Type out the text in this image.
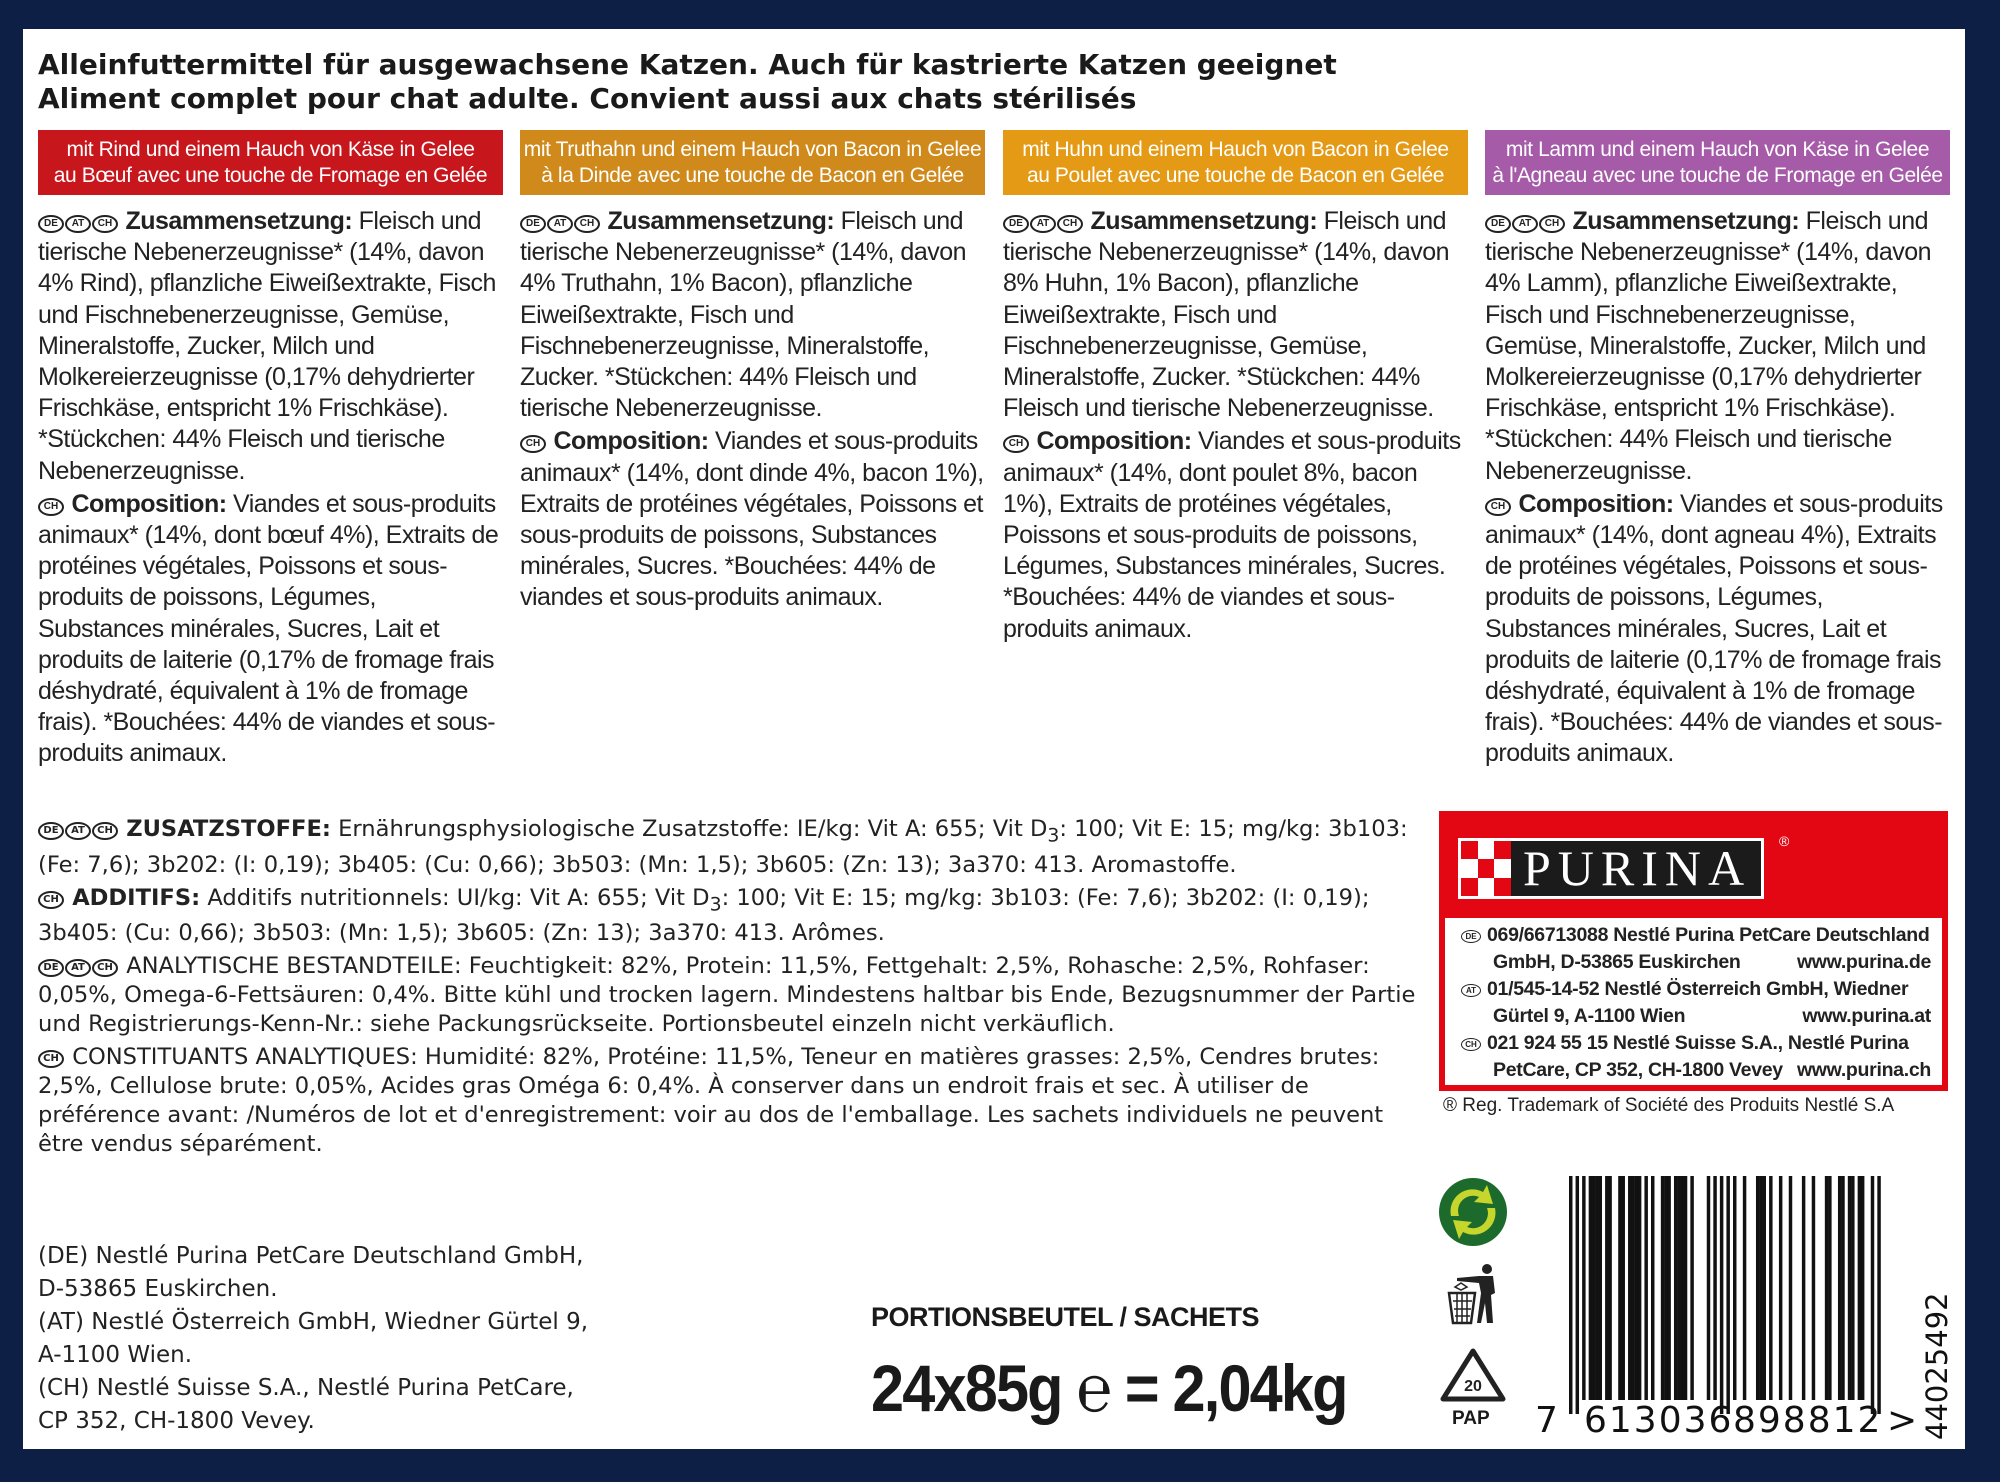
Alleinfuttermittel für ausgewachsene Katzen. Auch für kastrierte Katzen geeignet
Aliment complet pour chat adulte. Convient aussi aux chats stérilisés
mit Rind und einem Hauch von Käse in Gelee
au Bœuf avec une touche de Fromage en Gelée

DE AT CH Zusammensetzung: Fleisch und tierische Nebenerzeugnisse* (14%, davon 4% Rind), pflanzliche Eiweißextrakte, Fisch und Fischnebenerzeugnisse, Gemüse, Mineralstoffe, Zucker, Milch und Molkereierzeugnisse (0,17% dehydrierter Frischkäse, entspricht 1% Frischkäse). *Stückchen: 44% Fleisch und tierische Nebenerzeugnisse.

CH Composition: Viandes et sous-produits animaux* (14%, dont bœuf 4%), Extraits de protéines végétales, Poissons et sous-produits de poissons, Légumes, Substances minérales, Sucres, Lait et produits de laiterie (0,17% de fromage frais déshydraté, équivalent à 1% de fromage frais). *Bouchées: 44% de viandes et sous-produits animaux.

mit Truthahn und einem Hauch von Bacon in Gelee
à la Dinde avec une touche de Bacon en Gelée

DE AT CH Zusammensetzung: Fleisch und tierische Nebenerzeugnisse* (14%, davon 4% Truthahn, 1% Bacon), pflanzliche Eiweißextrakte, Fisch und Fischnebenerzeugnisse, Mineralstoffe, Zucker. *Stückchen: 44% Fleisch und tierische Nebenerzeugnisse.

CH Composition: Viandes et sous-produits animaux* (14%, dont dinde 4%, bacon 1%), Extraits de protéines végétales, Poissons et sous-produits de poissons, Substances minérales, Sucres. *Bouchées: 44% de viandes et sous-produits animaux.

mit Huhn und einem Hauch von Bacon in Gelee
au Poulet avec une touche de Bacon en Gelée

DE AT CH Zusammensetzung: Fleisch und tierische Nebenerzeugnisse* (14%, davon 8% Huhn, 1% Bacon), pflanzliche Eiweißextrakte, Fisch und Fischnebenerzeugnisse, Gemüse, Mineralstoffe, Zucker. *Stückchen: 44% Fleisch und tierische Nebenerzeugnisse.

CH Composition: Viandes et sous-produits animaux* (14%, dont poulet 8%, bacon 1%), Extraits de protéines végétales, Poissons et sous-produits de poissons, Légumes, Substances minérales, Sucres. *Bouchées: 44% de viandes et sous-produits animaux.

mit Lamm und einem Hauch von Käse in Gelee
à l'Agneau avec une touche de Fromage en Gelée

DE AT CH Zusammensetzung: Fleisch und tierische Nebenerzeugnisse* (14%, davon 4% Lamm), pflanzliche Eiweißextrakte, Fisch und Fischnebenerzeugnisse, Gemüse, Mineralstoffe, Zucker, Milch und Molkereierzeugnisse (0,17% dehydrierter Frischkäse, entspricht 1% Frischkäse). *Stückchen: 44% Fleisch und tierische Nebenerzeugnisse.

CH Composition: Viandes et sous-produits animaux* (14%, dont agneau 4%), Extraits de protéines végétales, Poissons et sous-produits de poissons, Légumes, Substances minérales, Sucres, Lait et produits de laiterie (0,17% de fromage frais déshydraté, équivalent à 1% de fromage frais). *Bouchées: 44% de viandes et sous-produits animaux.

DE AT CH ZUSATZSTOFFE: Ernährungsphysiologische Zusatzstoffe: IE/kg: Vit A: 655; Vit $D_3$: 100; Vit E: 15; mg/kg: 3b103: (Fe: 7,6); 3b202: (I: 0,19); 3b405: (Cu: 0,66); 3b503: (Mn: 1,5); 3b605: (Zn: 13); 3a370: 413. Aromastoffe.

CH ADDITIFS: Additifs nutritionnels: UI/kg: Vit A: 655; Vit $D_3$: 100; Vit E: 15; mg/kg: 3b103: (Fe: 7,6); 3b202: (I: 0,19); 3b405: (Cu: 0,66); 3b503: (Mn: 1,5); 3b605: (Zn: 13); 3a370: 413. Arômes.

DE AT CH ANALYTISCHE BESTANDTEILE: Feuchtigkeit: 82%, Protein: 11,5%, Fettgehalt: 2,5%, Rohasche: 2,5%, Rohfaser: 0,05%, Omega-6-Fettsäuren: 0,4%. Bitte kühl und trocken lagern. Mindestens haltbar bis Ende, Bezugsnummer der Partie und Registrierungs-Kenn-Nr.: siehe Packungsrückseite. Portionsbeutel einzeln nicht verkäuflich.

CH CONSTITUANTS ANALYTIQUES: Humidité: 82%, Protéine: 11,5%, Teneur en matières grasses: 2,5%, Cendres brutes: 2,5%, Cellulose brute: 0,05%, Acides gras Oméga 6: 0,4%. À conserver dans un endroit frais et sec. À utiliser de préférence avant: /Numéros de lot et d'enregistrement: voir au dos de l'emballage. Les sachets individuels ne peuvent être vendus séparément.

(DE) Nestlé Purina PetCare Deutschland GmbH,
D-53865 Euskirchen.
(AT) Nestlé Österreich GmbH, Wiedner Gürtel 9,
A-1100 Wien.
(CH) Nestlé Suisse S.A., Nestlé Purina PetCare,
CP 352, CH-1800 Vevey.
PORTIONSBEUTEL / SACHETS
24x85g ℮ = 2,04kg
PURINA	®
DE 069/66713088 Nestlé Purina PetCare Deutschland
GmbH, D-53865 Euskirchen	www.purina.de
AT 01/545-14-52 Nestlé Österreich GmbH, Wiedner
Gürtel 9, A-1100 Wien	www.purina.at
CH 021 924 55 15 Nestlé Suisse S.A., Nestlé Purina
PetCare, CP 352, CH-1800 Vevey www.purina.ch
® Reg. Trademark of Société des Produits Nestlé S.A
20
PAP 7 613036 898812 > 44025492
